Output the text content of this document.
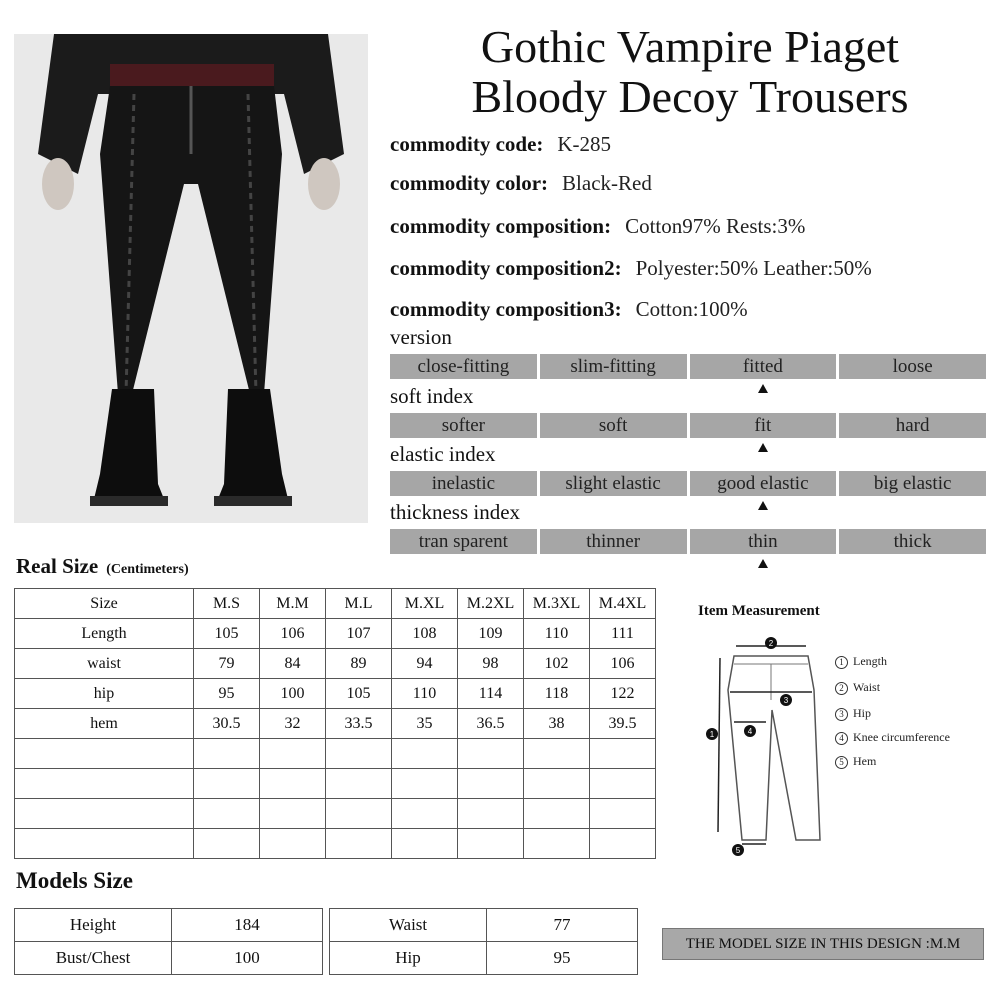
Gothic Vampire Piaget
Bloody Decoy Trousers
commodity code: K-285
commodity color: Black-Red
commodity composition: Cotton97% Rests:3%
commodity composition2: Polyester:50% Leather:50%
commodity composition3: Cotton:100%
version
close-fitting	slim-fitting	fitted	loose
soft index
softer	soft	fit	hard
elastic index
inelastic	slight elastic	good elastic	big elastic
thickness index
tran sparent	thinner	thin	thick
Real Size (Centimeters)
Size	M.S	M.M	M.L	M.XL	M.2XL	M.3XL	M.4XL
Length	105	106	107	108	109	110	111
waist	79	84	89	94	98	102	106
hip	95	100	105	110	114	118	122
hem	30.5	32	33.5	35	36.5	38	39.5

Item Measurement
2
3
4
1
5
1 Length
2 Waist
3 Hip
4 Knee circumference
5 Hem
Models Size
Height	184
Bust/Chest	100
Waist	77
Hip	95
THE MODEL SIZE IN THIS DESIGN :M.M
